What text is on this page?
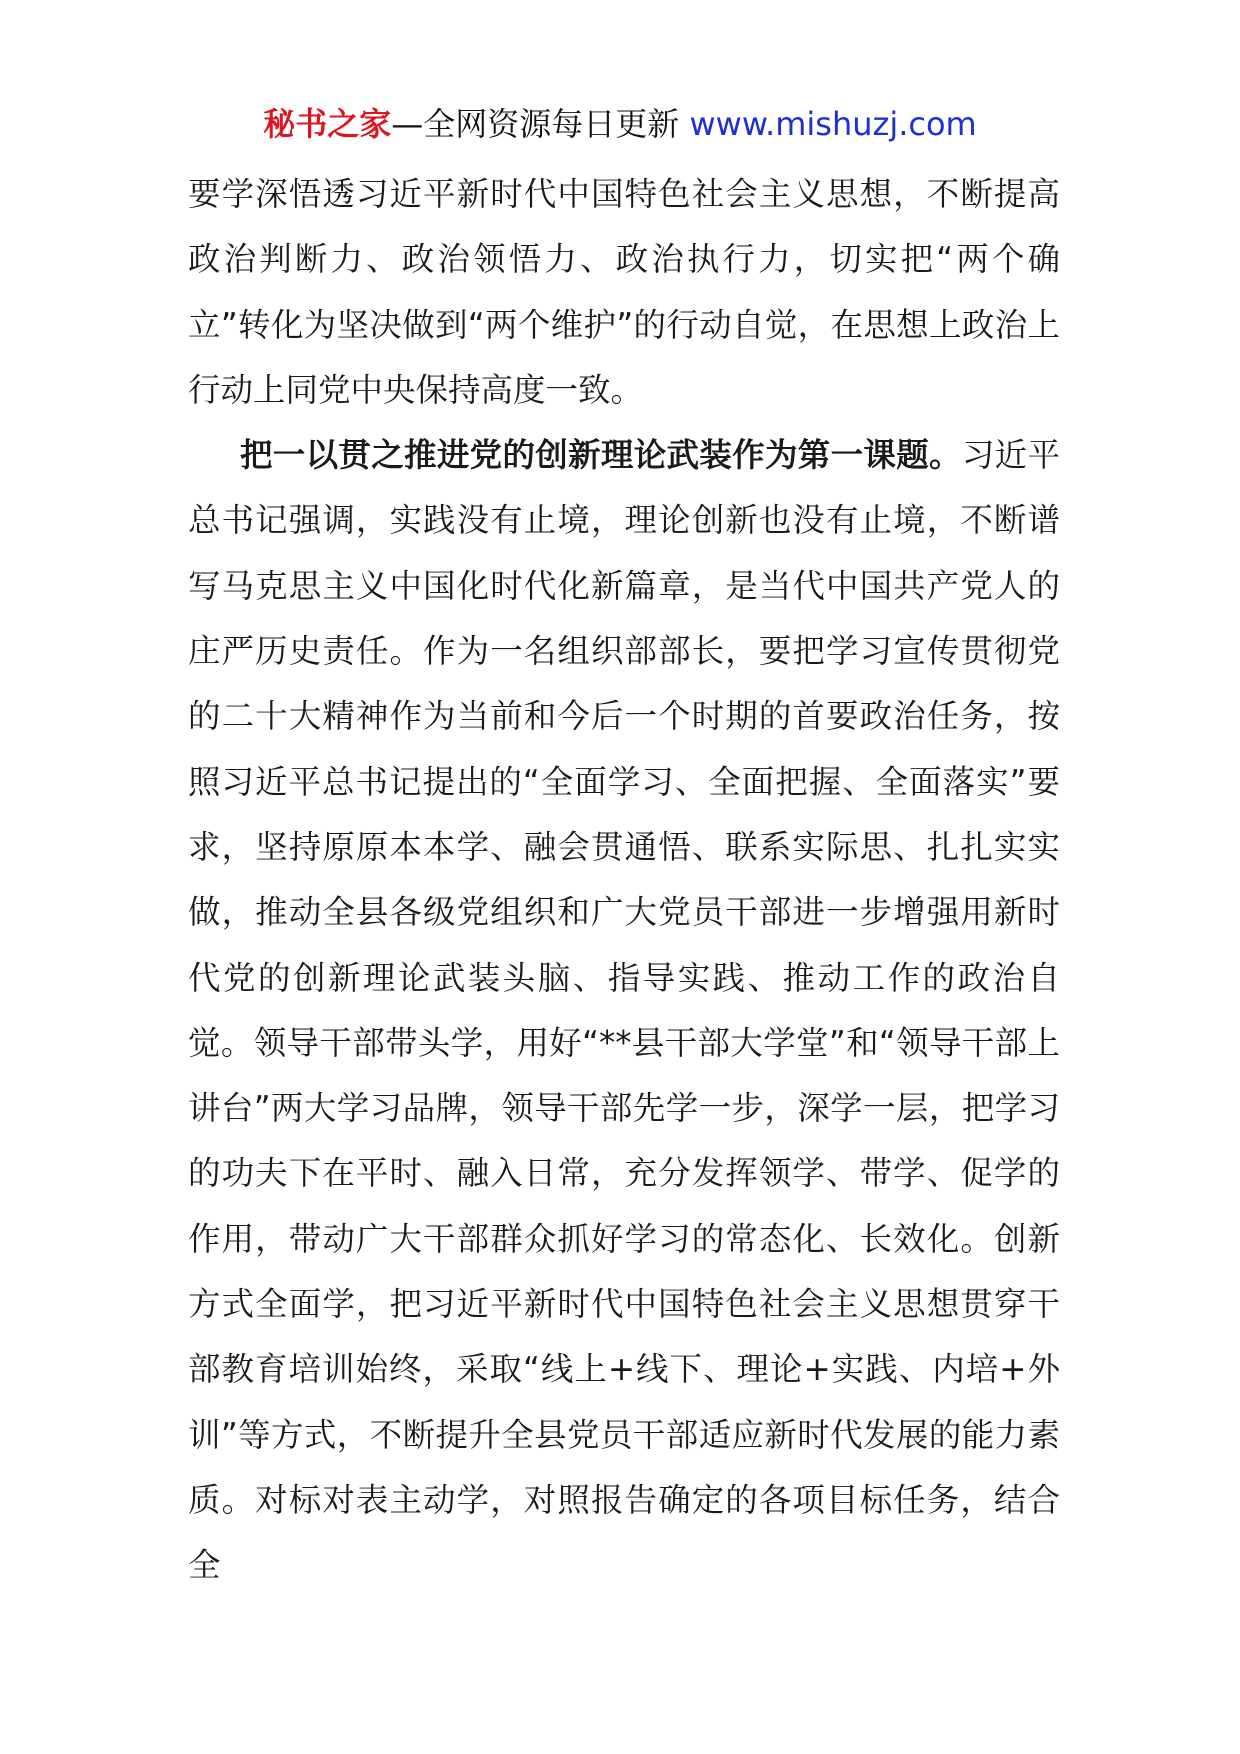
秘书之家—全网资源每日更新 www.mishuzj.com

要学深悟透习近平新时代中国特色社会主义思想，不断提高政治判断力、政治领悟力、政治执行力，切实把“两个确立”转化为坚决做到“两个维护”的行动自觉，在思想上政治上行动上同党中央保持高度一致。

把一以贯之推进党的创新理论武装作为第一课题。习近平总书记强调，实践没有止境，理论创新也没有止境，不断谱写马克思主义中国化时代化新篇章，是当代中国共产党人的庄严历史责任。作为一名组织部部长，要把学习宣传贯彻党的二十大精神作为当前和今后一个时期的首要政治任务，按照习近平总书记提出的“全面学习、全面把握、全面落实”要求，坚持原原本本学、融会贯通悟、联系实际思、扎扎实实做，推动全县各级党组织和广大党员干部进一步增强用新时代党的创新理论武装头脑、指导实践、推动工作的政治自觉。领导干部带头学，用好“**县干部大学堂”和“领导干部上讲台”两大学习品牌，领导干部先学一步，深学一层，把学习的功夫下在平时、融入日常，充分发挥领学、带学、促学的作用，带动广大干部群众抓好学习的常态化、长效化。创新方式全面学，把习近平新时代中国特色社会主义思想贯穿干部教育培训始终，采取“线上+线下、理论+实践、内培+外训”等方式，不断提升全县党员干部适应新时代发展的能力素质。对标对表主动学，对照报告确定的各项目标任务，结合全
